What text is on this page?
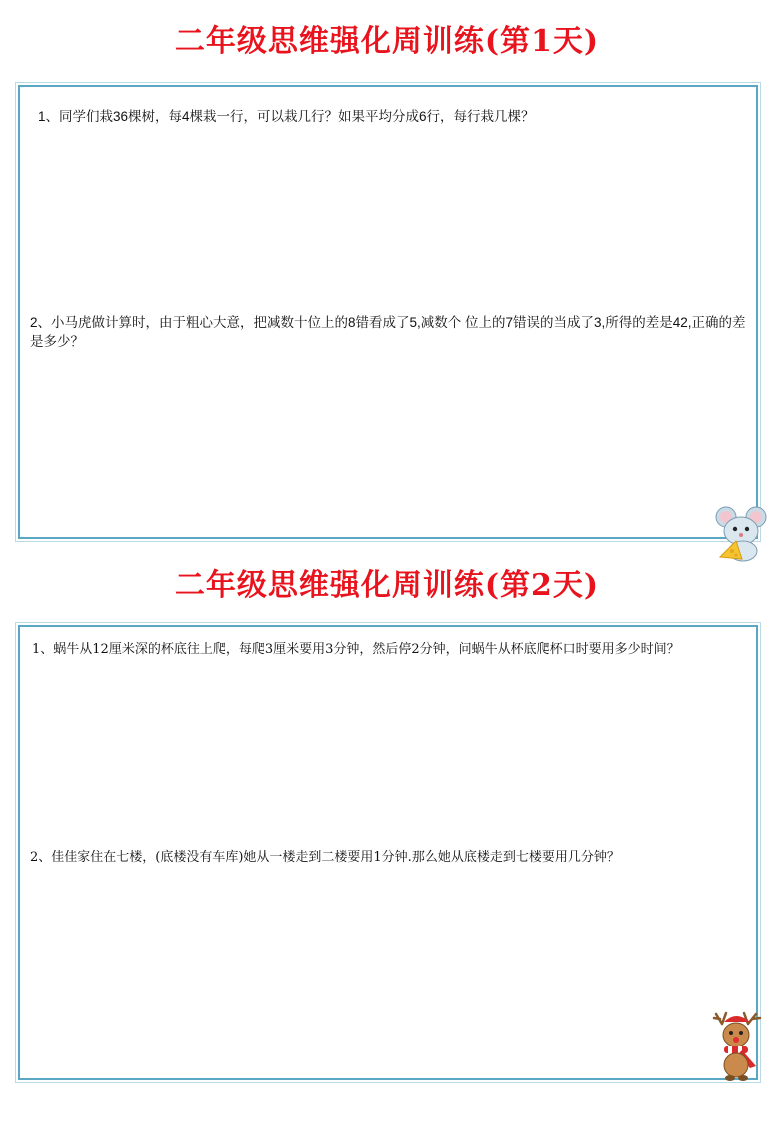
二年级思维强化周训练(第1天)
1、同学们栽36棵树，每4棵栽一行，可以栽几行？如果平均分成6行，每行栽几棵？
2、小马虎做计算时，由于粗心大意，把减数十位上的8错看成了5,减数个 位上的7错误的当成了3,所得的差是42,正确的差是多少？
二年级思维强化周训练(第2天)
1、蜗牛从12厘米深的杯底往上爬，每爬3厘米要用3分钟，然后停2分钟，问蜗牛从杯底爬杯口时要用多少时间？
2、佳佳家住在七楼，(底楼没有车库)她从一楼走到二楼要用1分钟.那么她从底楼走到七楼要用几分钟？
